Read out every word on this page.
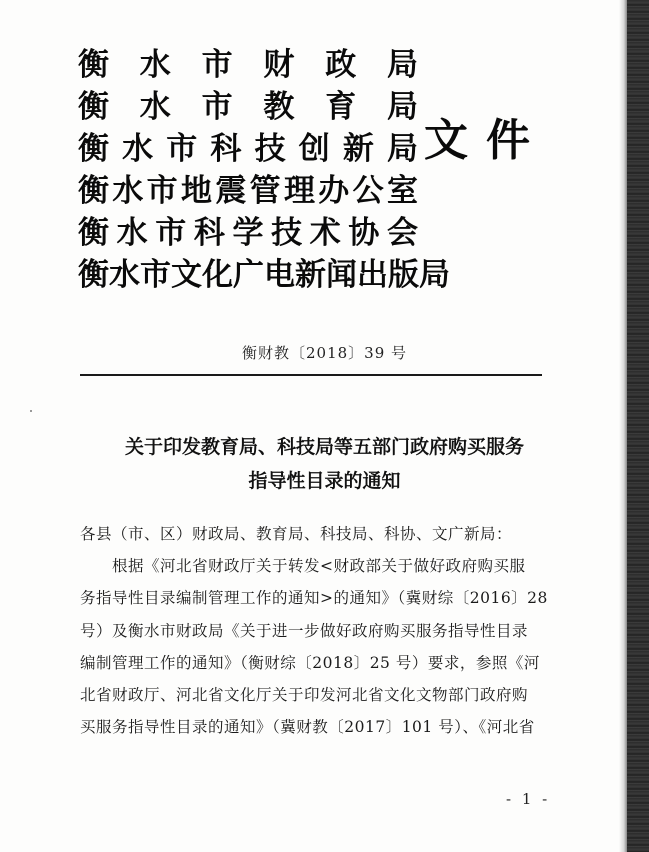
衡 水 市 财 政 局
衡 水 市 教 育 局
衡 水 市 科 技 创 新 局
衡 水 市 地 震 管 理 办 公 室
衡 水 市 科 学 技 术 协 会
衡 水 市 文 化 广 电 新 闻 出 版 局
文件
衡财教〔2018〕39 号
关于印发教育局、科技局等五部门政府购买服务
指导性目录的通知
各县（市、区）财政局、教育局、科技局、科协、文广新局：
　　根据《河北省财政厅关于转发<财政部关于做好政府购买服
务指导性目录编制管理工作的通知>的通知》（冀财综〔2016〕28
号）及衡水市财政局《关于进一步做好政府购买服务指导性目录
编制管理工作的通知》（衡财综〔2018〕25 号）要求，参照《河
北省财政厅、河北省文化厅关于印发河北省文化文物部门政府购
买服务指导性目录的通知》（冀财教〔2017〕101 号）、《河北省
- 1 -
